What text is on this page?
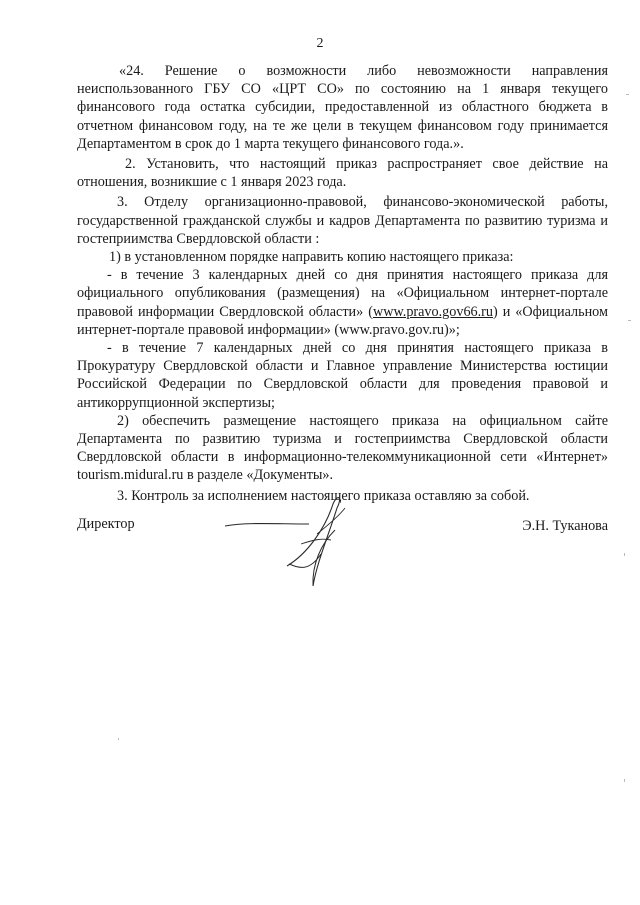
2

«24. Решение о возможности либо невозможности направления неиспользованного ГБУ СО «ЦРТ СО» по состоянию на 1 января текущего финансового года остатка субсидии, предоставленной из областного бюджета в отчетном финансовом году, на те же цели в текущем финансовом году принимается Департаментом в срок до 1 марта текущего финансового года.».

2. Установить, что настоящий приказ распространяет свое действие на отношения, возникшие с 1 января 2023 года.

3. Отделу организационно-правовой, финансово-экономической работы, государственной гражданской службы и кадров Департамента по развитию туризма и гостеприимства Свердловской области :

1) в установленном порядке направить копию настоящего приказа:

- в течение 3 календарных дней со дня принятия настоящего приказа для официального опубликования (размещения) на «Официальном интернет-портале правовой информации Свердловской области» (www.pravo.gov66.ru) и «Официальном интернет-портале правовой информации» (www.pravo.gov.ru)»;

- в течение 7 календарных дней со дня принятия настоящего приказа в Прокуратуру Свердловской области и Главное управление Министерства юстиции Российской Федерации по Свердловской области для проведения правовой и антикоррупционной экспертизы;

2) обеспечить размещение настоящего приказа на официальном сайте Департамента по развитию туризма и гостеприимства Свердловской области Свердловской области в информационно-телекоммуникационной сети «Интернет» tourism.midural.ru в разделе «Документы».

3. Контроль за исполнением настоящего приказа оставляю за собой.

Директор	Э.Н. Туканова
